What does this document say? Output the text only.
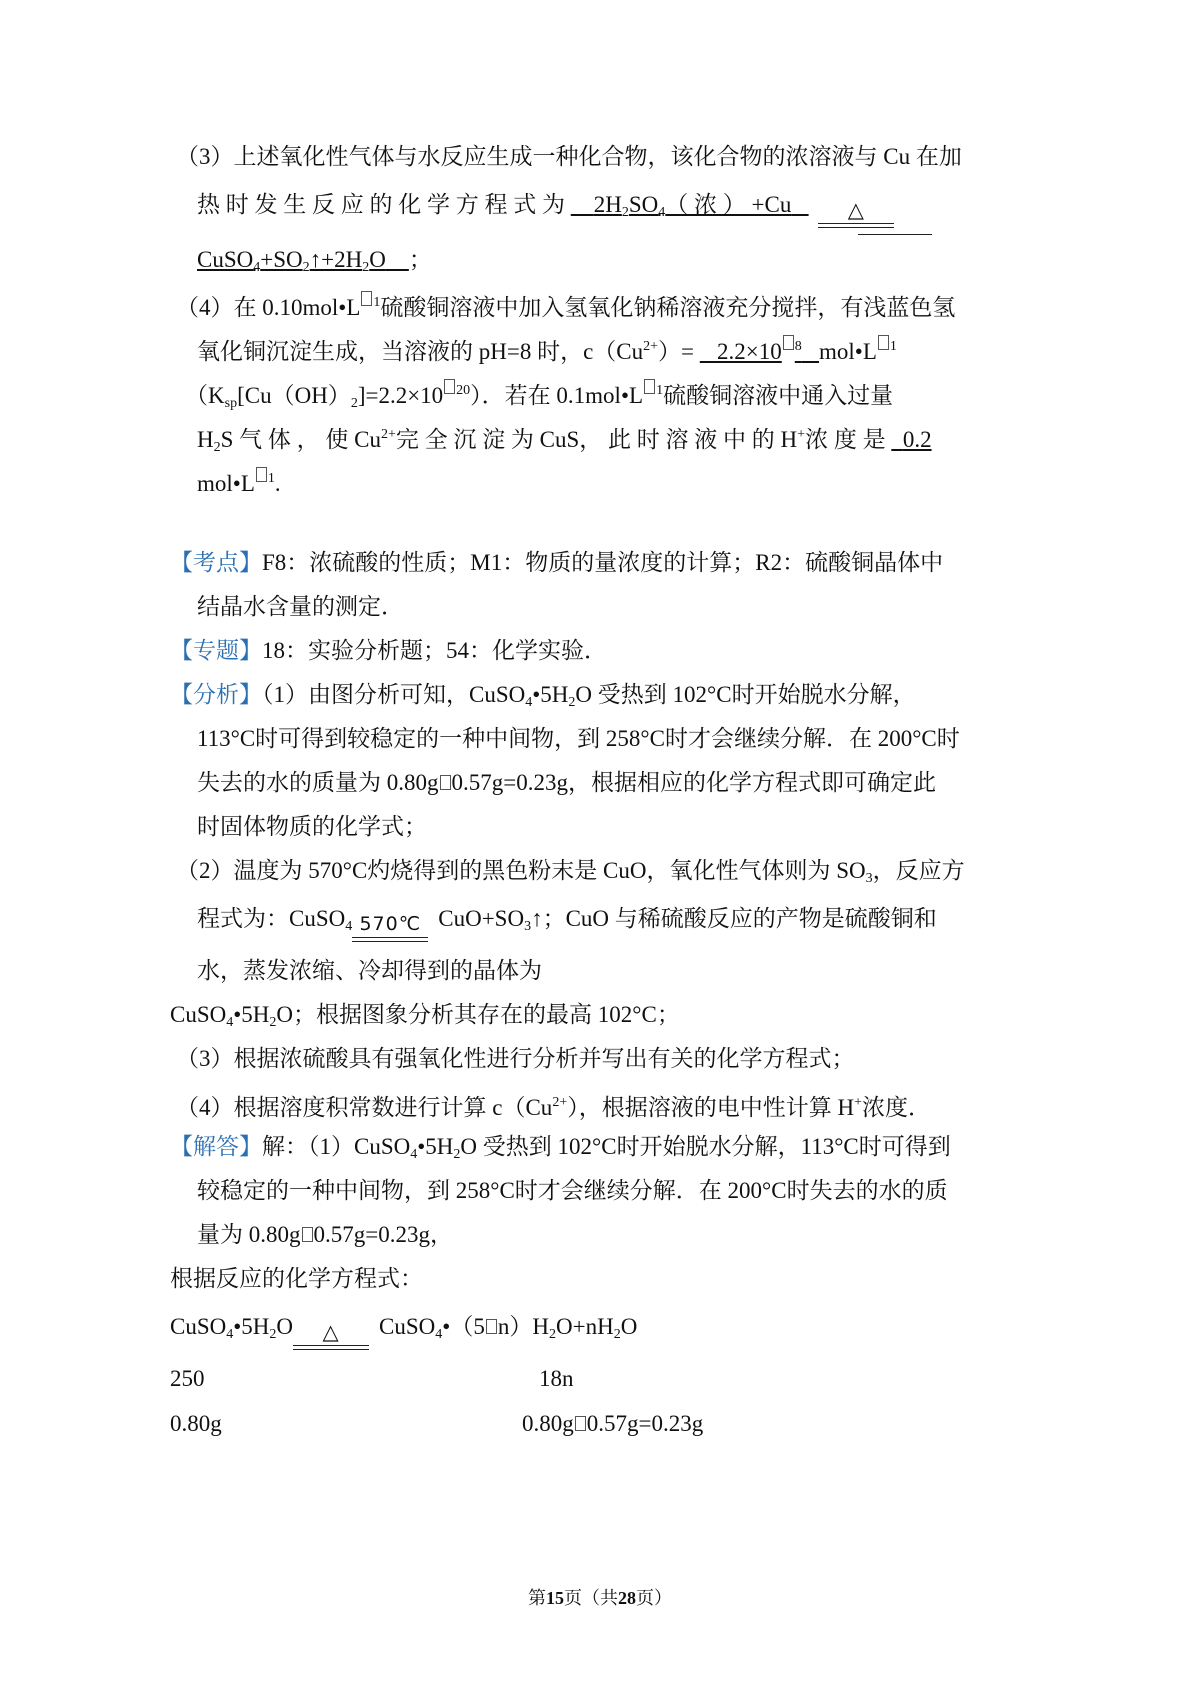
（3）上述氧化性气体与水反应生成一种化合物，该化合物的浓溶液与 Cu 在加
热 时 发 生 反 应 的 化 学 方 程 式 为 $2H_2SO_4$（ 浓 ） +Cu	△
$CuSO_4+SO_2↑+2H_2O$ ；
（4）在 0.10mol•L $^1$硫酸铜溶液中加入氢氧化钠稀溶液充分搅拌，有浅蓝色氢
氧化铜沉淀生成，当溶液的 pH=8 时，$c(Cu^{2+})= 2.2\times 10$ $^8$ mol•L $^1$
（$K_{sp}[Cu(OH)_2]=2.2\times 10$ $^{20}$）．若在 0.1mol•L $^1$硫酸铜溶液中通入过量
$H_2S$ 气 体 ， 使 $Cu^{2+}$完 全 沉 淀 为 CuS， 此 时 溶 液 中 的 H+浓 度 是 0.2
mol•L $^1$.
【考点】F8：浓硫酸的性质；M1：物质的量浓度的计算；R2：硫酸铜晶体中
结晶水含量的测定．
【专题】18：实验分析题；54：化学实验．
【分析】（1）由图分析可知，$CuSO_4•5H_2O$ 受热到 102°C时开始脱水分解，
113°C时可得到较稳定的一种中间物，到 258°C时才会继续分解．在 200°C时
失去的水的质量为 0.80g 0.57g=0.23g，根据相应的化学方程式即可确定此
时固体物质的化学式；
（2）温度为 570°C灼烧得到的黑色粉末是 CuO，氧化性气体则为 $SO_3$，反应方
程式为：CuSO$_4$ 570℃ $CuO+SO_3↑$；CuO 与稀硫酸反应的产物是硫酸铜和
水，蒸发浓缩、冷却得到的晶体为
$CuSO_4•5H_2O$；根据图象分析其存在的最高 102°C；
（3）根据浓硫酸具有强氧化性进行分析并写出有关的化学方程式；
（4）根据溶度积常数进行计算 $c(Cu^{2+})$，根据溶液的电中性计算 H+浓度．
【解答】解：$(1)CuSO_4•5H_2O$ 受热到 102°C时开始脱水分解，113°C时可得到
较稳定的一种中间物，到 258°C时才会继续分解．在 200°C时失去的水的质
量为 0.80g 0.57g=0.23g，
根据反应的化学方程式：
$CuSO_4•5H_2O$	△	CuSO$_4$•（5 $n)H_2O+nH_2O$
250	18n
0.80g	0.80g 0.57g=0.23g
第15页（共28页）
